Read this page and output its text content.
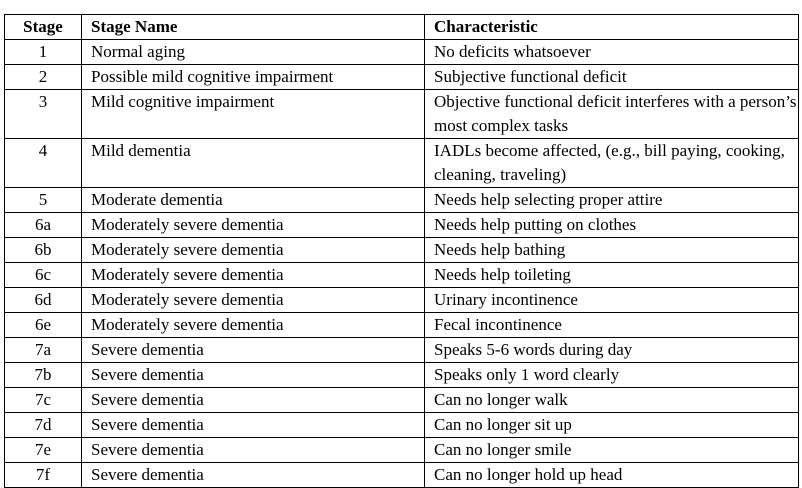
Stage	Stage Name	Characteristic
1	Normal aging	No deficits whatsoever
2	Possible mild cognitive impairment	Subjective functional deficit
3	Mild cognitive impairment	Objective functional deficit interferes with a person’s most complex tasks
4	Mild dementia	IADLs become affected, (e.g., bill paying, cooking, cleaning, traveling)
5	Moderate dementia	Needs help selecting proper attire
6a	Moderately severe dementia	Needs help putting on clothes
6b	Moderately severe dementia	Needs help bathing
6c	Moderately severe dementia	Needs help toileting
6d	Moderately severe dementia	Urinary incontinence
6e	Moderately severe dementia	Fecal incontinence
7a	Severe dementia	Speaks 5-6 words during day
7b	Severe dementia	Speaks only 1 word clearly
7c	Severe dementia	Can no longer walk
7d	Severe dementia	Can no longer sit up
7e	Severe dementia	Can no longer smile
7f	Severe dementia	Can no longer hold up head
